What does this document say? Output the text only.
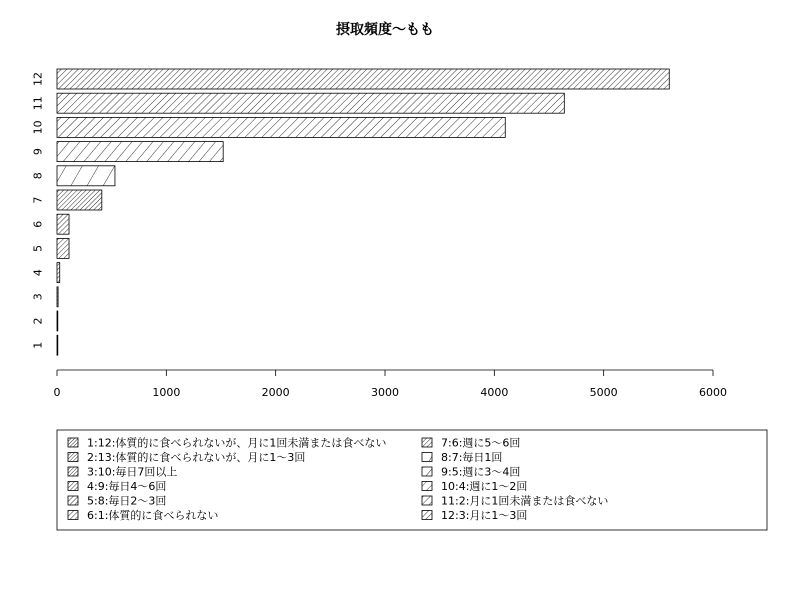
摂取頻度〜もも
1
2
3
4
5
6
7
8
9
10
11
12
0	1000	2000	3000	4000	5000	6000
1:12:体質的に食べられないが、月に1回未満または食べない
2:13:体質的に食べられないが、月に1〜3回
3:10:毎日7回以上
4:9:毎日4〜6回
5:8:毎日2〜3回
6:1:体質的に食べられない
7:6:週に5〜6回
8:7:毎日1回
9:5:週に3〜4回
10:4:週に1〜2回
11:2:月に1回未満または食べない
12:3:月に1〜3回
